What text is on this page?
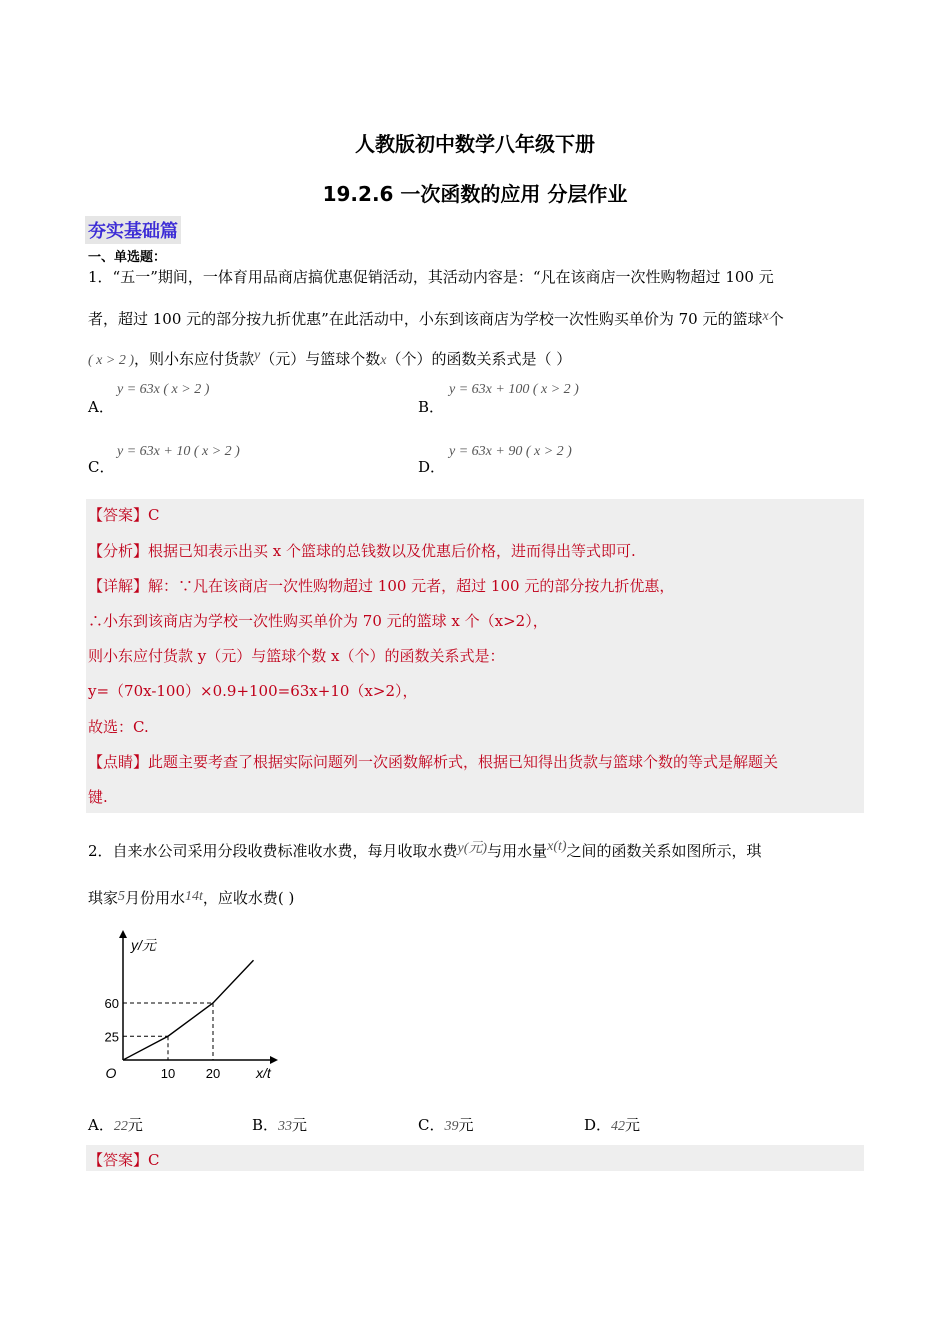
人教版初中数学八年级下册
19.2.6 一次函数的应用 分层作业
夯实基础篇
一、单选题：
1．“五一”期间，一体育用品商店搞优惠促销活动，其活动内容是：“凡在该商店一次性购物超过 100 元
者，超过 100 元的部分按九折优惠”在此活动中，小东到该商店为学校一次性购买单价为 70 元的篮球x个
( x > 2 )，则小东应付货款y（元）与篮球个数x（个）的函数关系式是（ ）
A．
y = 63x ( x > 2 )
B．
y = 63x + 100 ( x > 2 )
C．
y = 63x + 10 ( x > 2 )
D．
y = 63x + 90 ( x > 2 )
【答案】C
【分析】根据已知表示出买 x 个篮球的总钱数以及优惠后价格，进而得出等式即可.
【详解】解：∵凡在该商店一次性购物超过 100 元者，超过 100 元的部分按九折优惠，
∴小东到该商店为学校一次性购买单价为 70 元的篮球 x 个（x>2），
则小东应付货款 y（元）与篮球个数 x（个）的函数关系式是：
y=（70x-100）×0.9+100=63x+10（x>2），
故选：C.
【点睛】此题主要考查了根据实际问题列一次函数解析式，根据已知得出货款与篮球个数的等式是解题关
键.
2．自来水公司采用分段收费标准收水费，每月收取水费y(元)与用水量x(t)之间的函数关系如图所示，琪
琪家5月份用水14t，应收水费( )
10 20
25
60
O
y/元
x/t
A．22元	B．33元	C．39元	D．42元
【答案】C
